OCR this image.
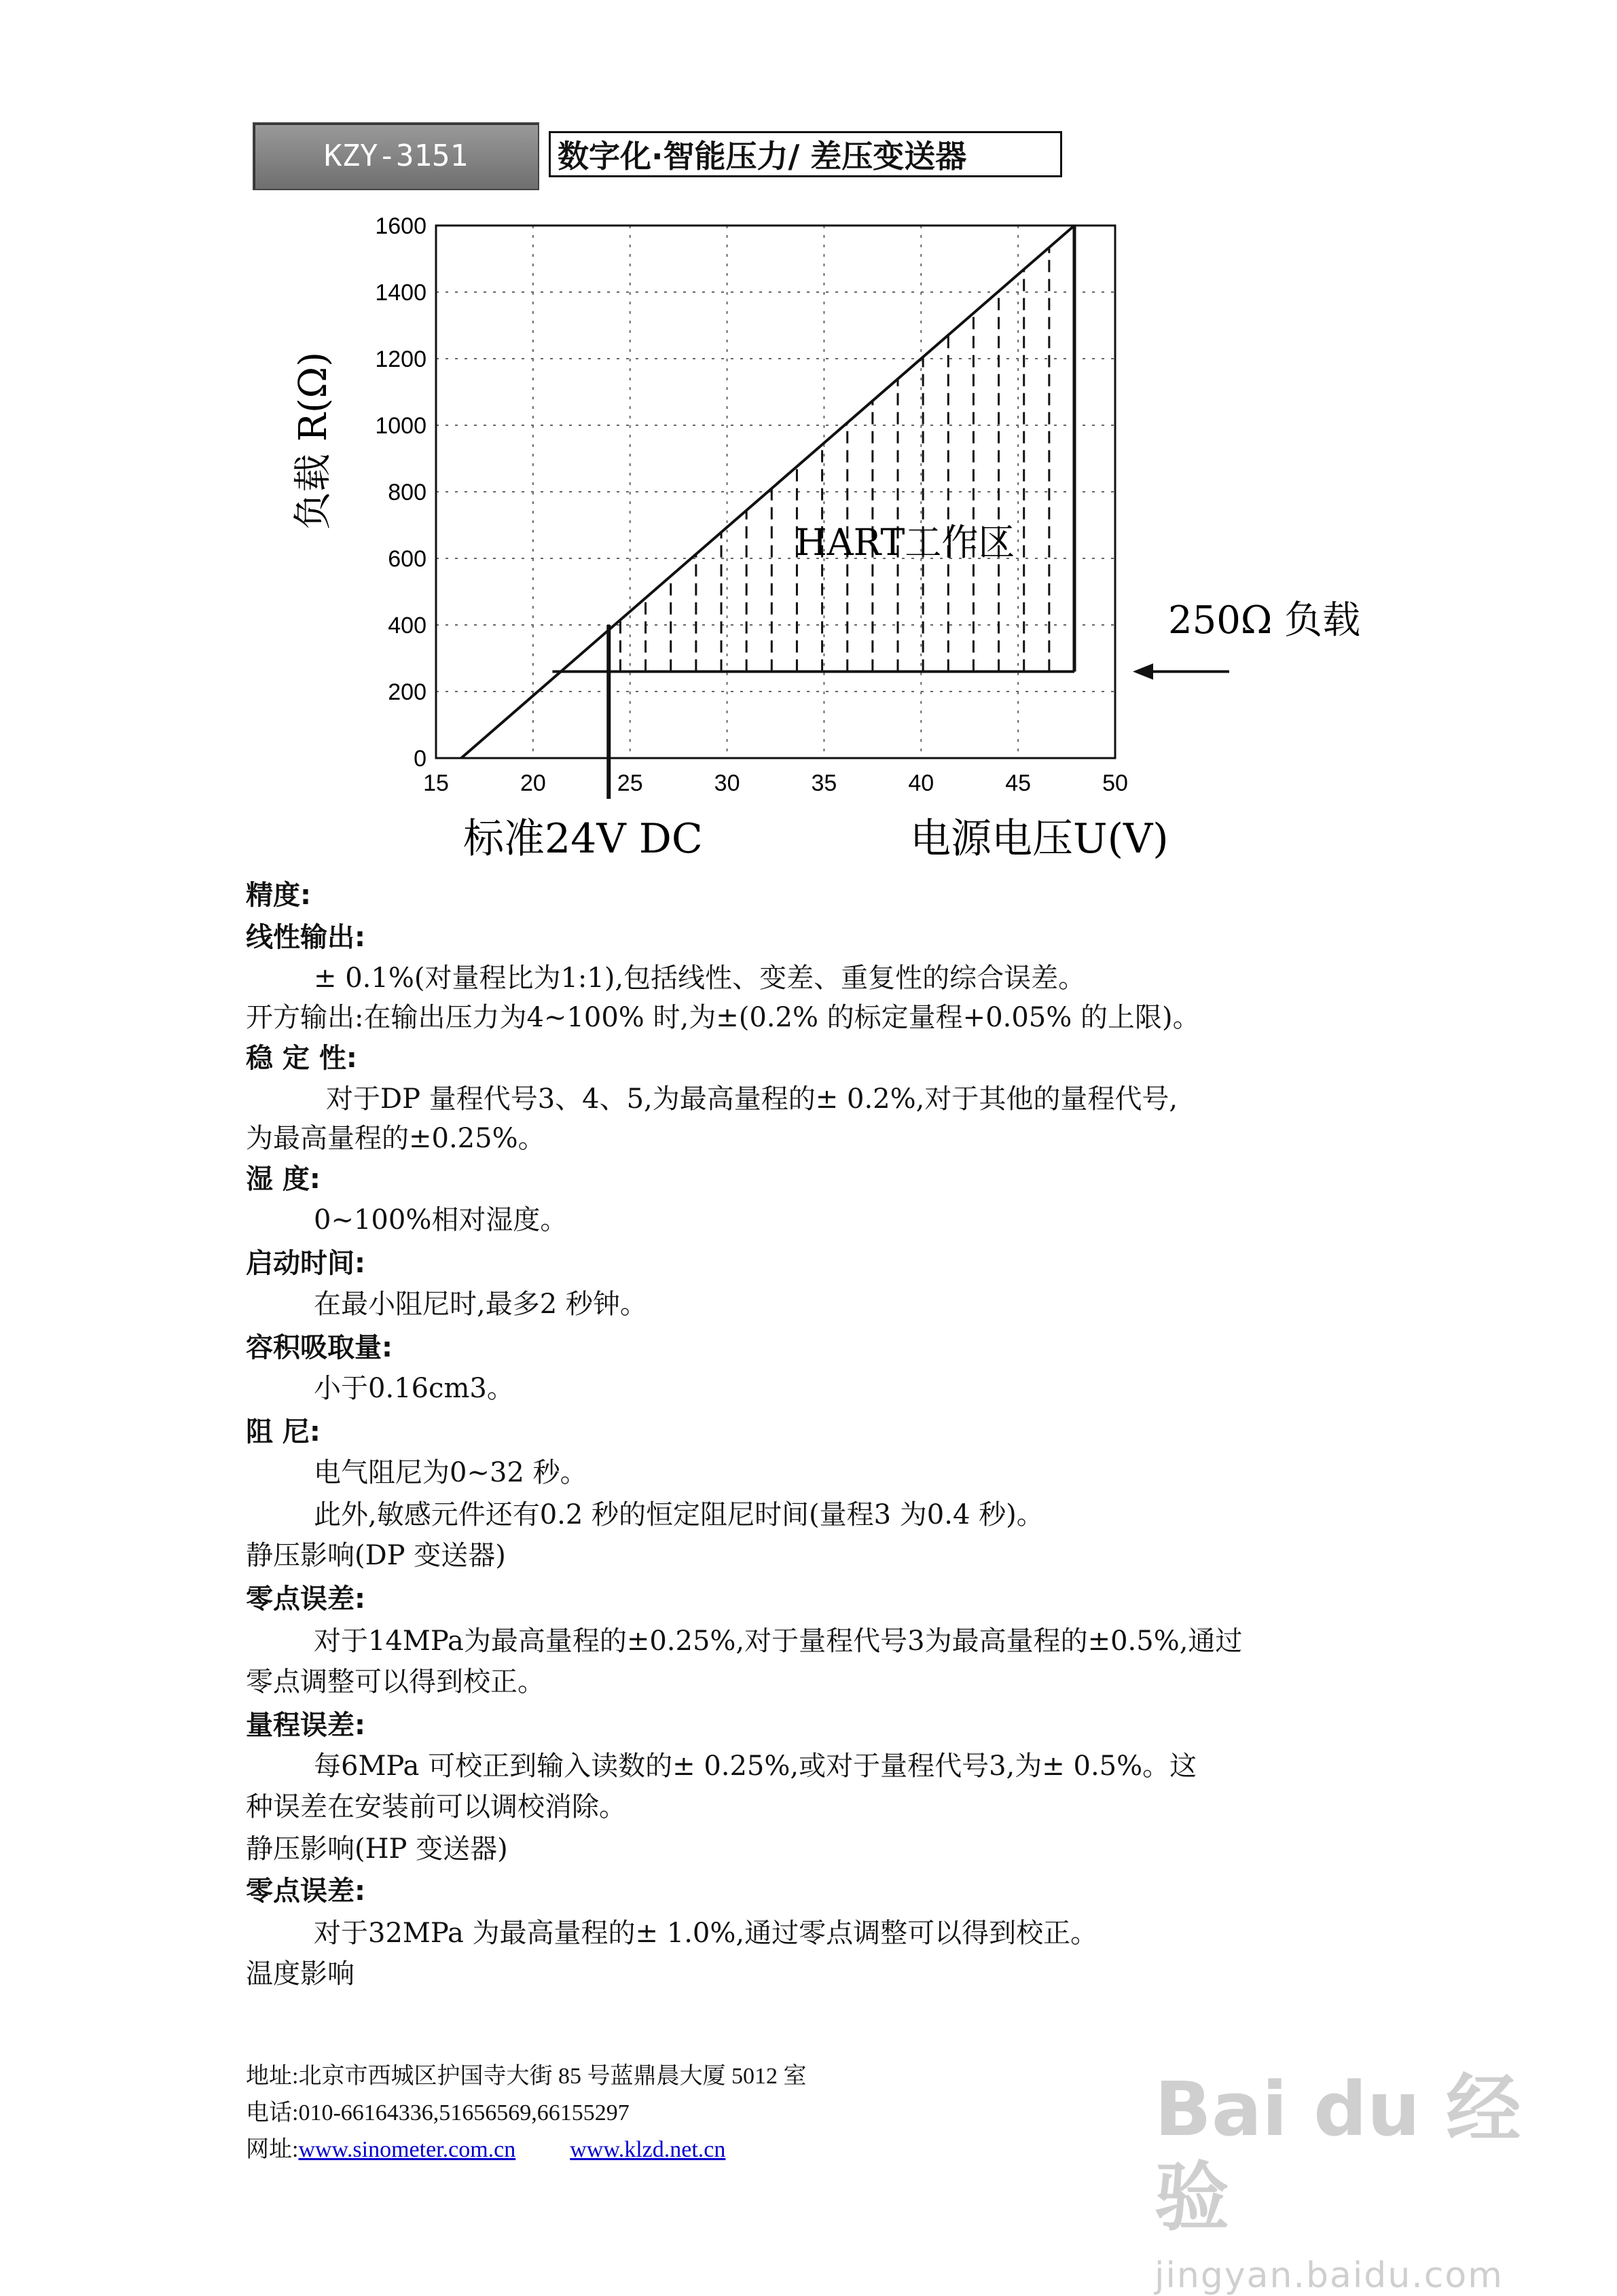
KZY-3151	数字化·智能压力/ 差压变送器
15	20	25	30	35	40	45	50
0
200
400
600
800
1000
1200
1400
1600
HART工作区
250Ω 负载
负载 R(Ω)
标准24V DC	电源电压U(V)
精度:
线性输出:
± 0.1%(对量程比为1:1),包括线性、变差、重复性的综合误差。
开方输出:在输出压力为4~100% 时,为±(0.2% 的标定量程+0.05% 的上限)。
稳 定 性:
对于DP 量程代号3、4、5,为最高量程的± 0.2%,对于其他的量程代号,
为最高量程的±0.25%。
湿 度:
0~100%相对湿度。
启动时间:
在最小阻尼时,最多2 秒钟。
容积吸取量:
小于0.16cm3。
阻 尼:
电气阻尼为0~32 秒。
此外,敏感元件还有0.2 秒的恒定阻尼时间(量程3 为0.4 秒)。
静压影响(DP 变送器)
零点误差:
对于14MPa为最高量程的±0.25%,对于量程代号3为最高量程的±0.5%,通过
零点调整可以得到校正。
量程误差:
每6MPa 可校正到输入读数的± 0.25%,或对于量程代号3,为± 0.5%。这
种误差在安装前可以调校消除。
静压影响(HP 变送器)
零点误差:
对于32MPa 为最高量程的± 1.0%,通过零点调整可以得到校正。
温度影响
地址:北京市西城区护国寺大街 85 号蓝鼎晨大厦 5012 室
电话:010-66164336,51656569,66155297
网址:www.sinometer.com.cn www.klzd.net.cn	Bai du 经验
jingyan.baidu.com
